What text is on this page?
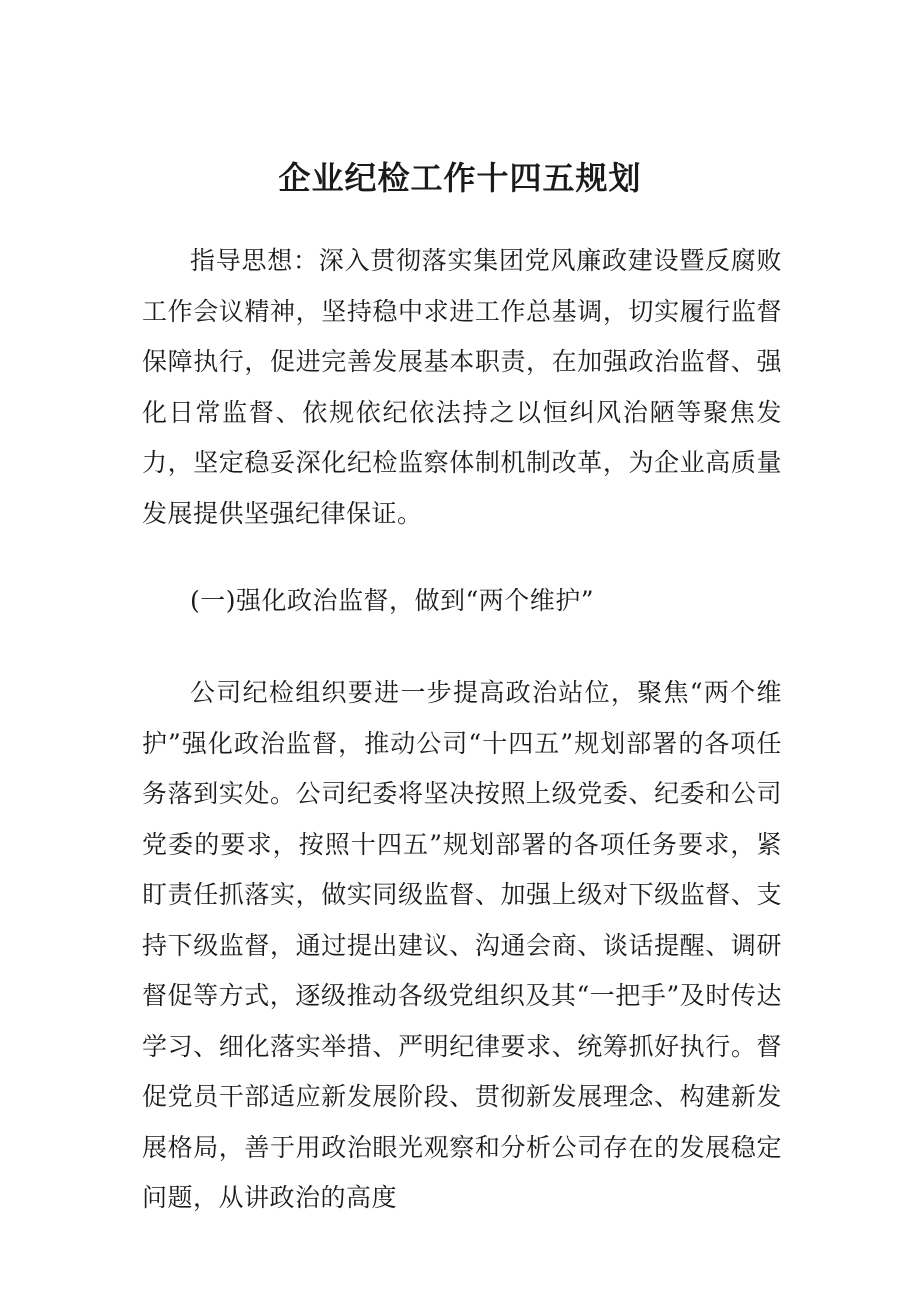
企业纪检工作十四五规划

指导思想：深入贯彻落实集团党风廉政建设暨反腐败工作会议精神，坚持稳中求进工作总基调，切实履行监督保障执行，促进完善发展基本职责，在加强政治监督、强化日常监督、依规依纪依法持之以恒纠风治陋等聚焦发力，坚定稳妥深化纪检监察体制机制改革，为企业高质量发展提供坚强纪律保证。

(一)强化政治监督，做到“两个维护”

公司纪检组织要进一步提高政治站位，聚焦“两个维护”强化政治监督，推动公司“十四五”规划部署的各项任务落到实处。公司纪委将坚决按照上级党委、纪委和公司党委的要求，按照十四五”规划部署的各项任务要求，紧盯责任抓落实，做实同级监督、加强上级对下级监督、支持下级监督，通过提出建议、沟通会商、谈话提醒、调研督促等方式，逐级推动各级党组织及其“一把手”及时传达学习、细化落实举措、严明纪律要求、统筹抓好执行。督促党员干部适应新发展阶段、贯彻新发展理念、构建新发展格局，善于用政治眼光观察和分析公司存在的发展稳定问题，从讲政治的高度
